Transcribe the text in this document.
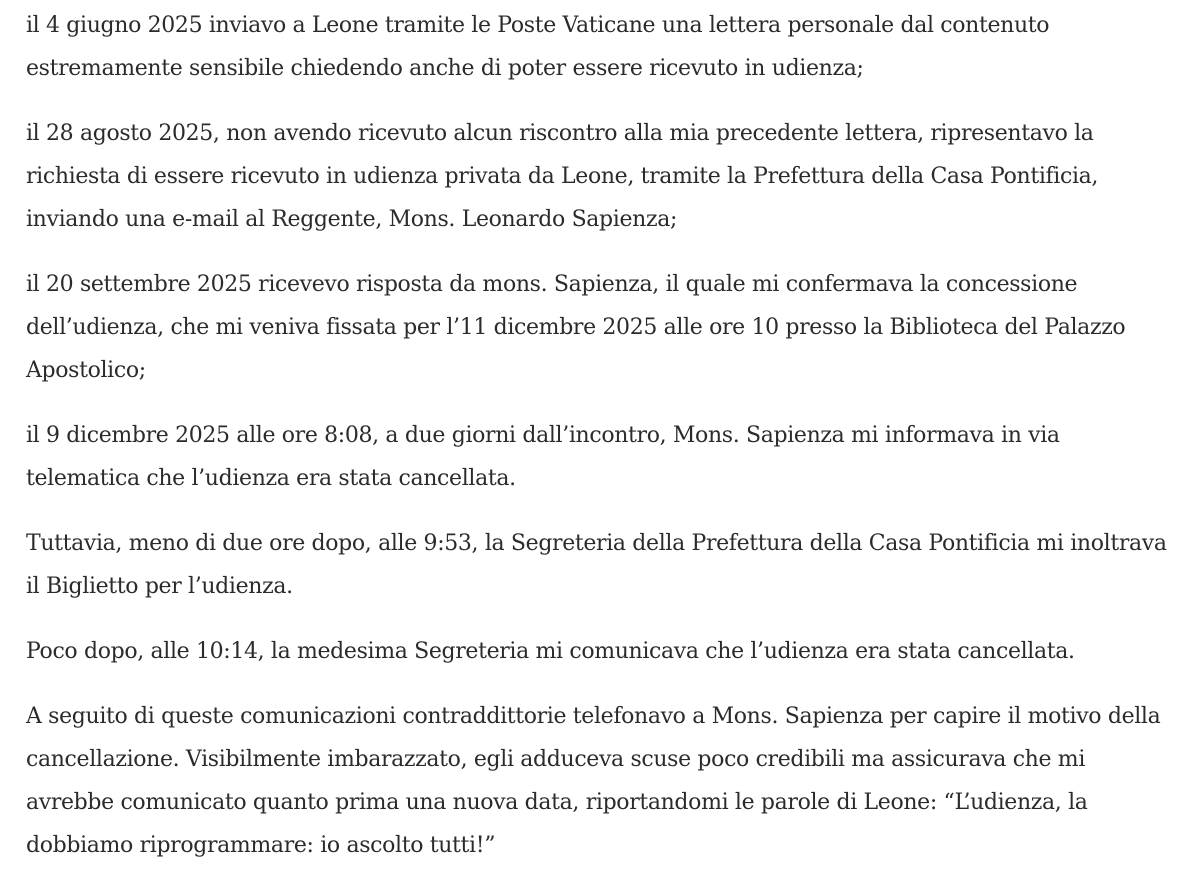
il 4 giugno 2025 inviavo a Leone tramite le Poste Vaticane una lettera personale dal contenuto estremamente sensibile chiedendo anche di poter essere ricevuto in udienza;

il 28 agosto 2025, non avendo ricevuto alcun riscontro alla mia precedente lettera, ripresentavo la richiesta di essere ricevuto in udienza privata da Leone, tramite la Prefettura della Casa Pontificia, inviando una e-mail al Reggente, Mons. Leonardo Sapienza;

il 20 settembre 2025 ricevevo risposta da mons. Sapienza, il quale mi confermava la concessione dell’udienza, che mi veniva fissata per l’11 dicembre 2025 alle ore 10 presso la Biblioteca del Palazzo Apostolico;

il 9 dicembre 2025 alle ore 8:08, a due giorni dall’incontro, Mons. Sapienza mi informava in via telematica che l’udienza era stata cancellata.

Tuttavia, meno di due ore dopo, alle 9:53, la Segreteria della Prefettura della Casa Pontificia mi inoltrava il Biglietto per l’udienza.

Poco dopo, alle 10:14, la medesima Segreteria mi comunicava che l’udienza era stata cancellata.

A seguito di queste comunicazioni contraddittorie telefonavo a Mons. Sapienza per capire il motivo della cancellazione. Visibilmente imbarazzato, egli adduceva scuse poco credibili ma assicurava che mi avrebbe comunicato quanto prima una nuova data, riportandomi le parole di Leone: “L’udienza, la dobbiamo riprogrammare: io ascolto tutti!”
